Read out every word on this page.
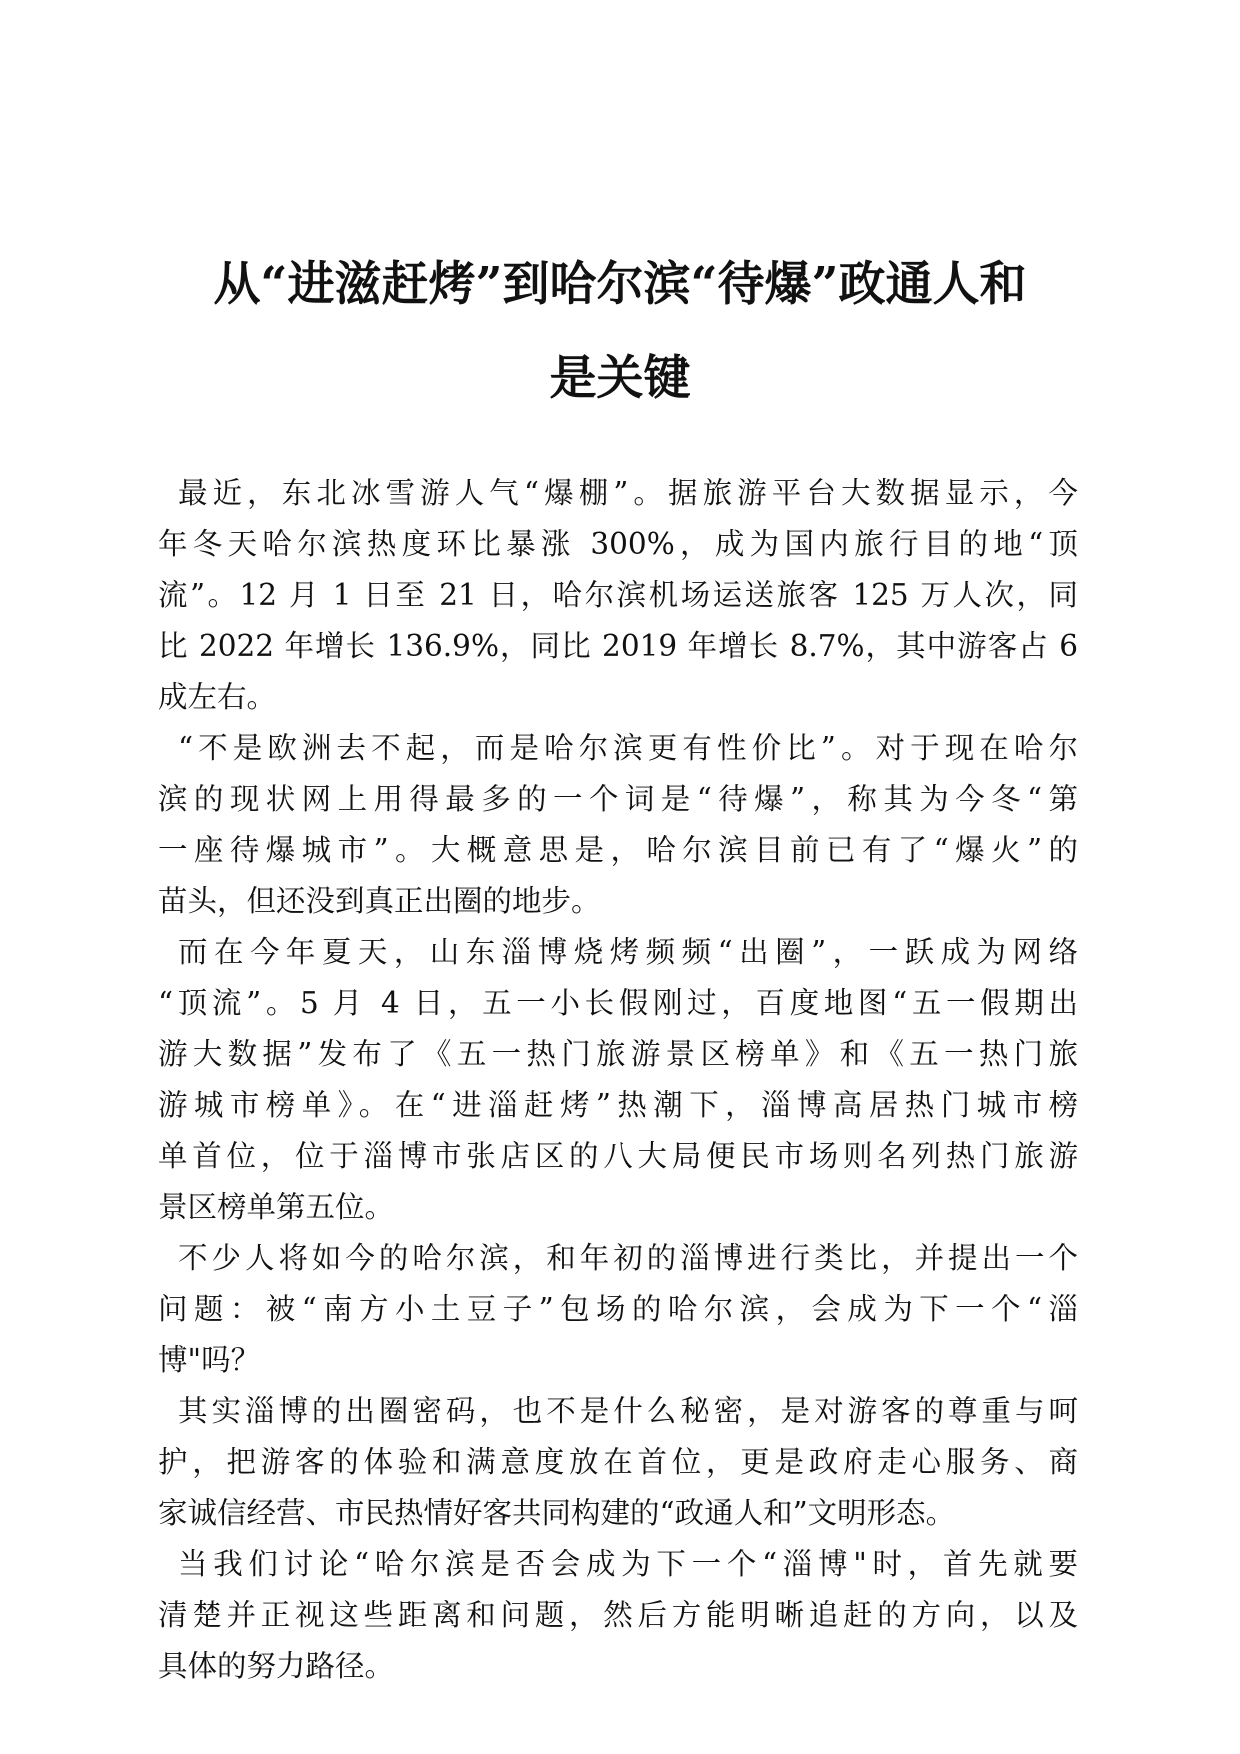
从“进滋赶烤”到哈尔滨“待爆”政通人和
是关键
最近，东北冰雪游人气“爆棚”。据旅游平台大数据显示，今
年冬天哈尔滨热度环比暴涨 300%，成为国内旅行目的地“顶
流”。12 月 1 日至 21 日，哈尔滨机场运送旅客 125 万人次，同
比 2022 年增长 136.9%，同比 2019 年增长 8.7%，其中游客占 6
成左右。
“不是欧洲去不起，而是哈尔滨更有性价比”。对于现在哈尔
滨的现状网上用得最多的一个词是“待爆”，称其为今冬“第
一座待爆城市”。大概意思是，哈尔滨目前已有了“爆火”的
苗头，但还没到真正出圈的地步。
而在今年夏天，山东淄博烧烤频频“出圈”，一跃成为网络
“顶流”。5 月 4 日，五一小长假刚过，百度地图“五一假期出
游大数据”发布了《五一热门旅游景区榜单》和《五一热门旅
游城市榜单》。在“进淄赶烤”热潮下，淄博高居热门城市榜
单首位，位于淄博市张店区的八大局便民市场则名列热门旅游
景区榜单第五位。
不少人将如今的哈尔滨，和年初的淄博进行类比，并提出一个
问题：被“南方小土豆子”包场的哈尔滨，会成为下一个“淄
博"吗？
其实淄博的出圈密码，也不是什么秘密，是对游客的尊重与呵
护，把游客的体验和满意度放在首位，更是政府走心服务、商
家诚信经营、市民热情好客共同构建的“政通人和”文明形态。
当我们讨论“哈尔滨是否会成为下一个“淄博"时，首先就要
清楚并正视这些距离和问题，然后方能明晰追赶的方向，以及
具体的努力路径。
